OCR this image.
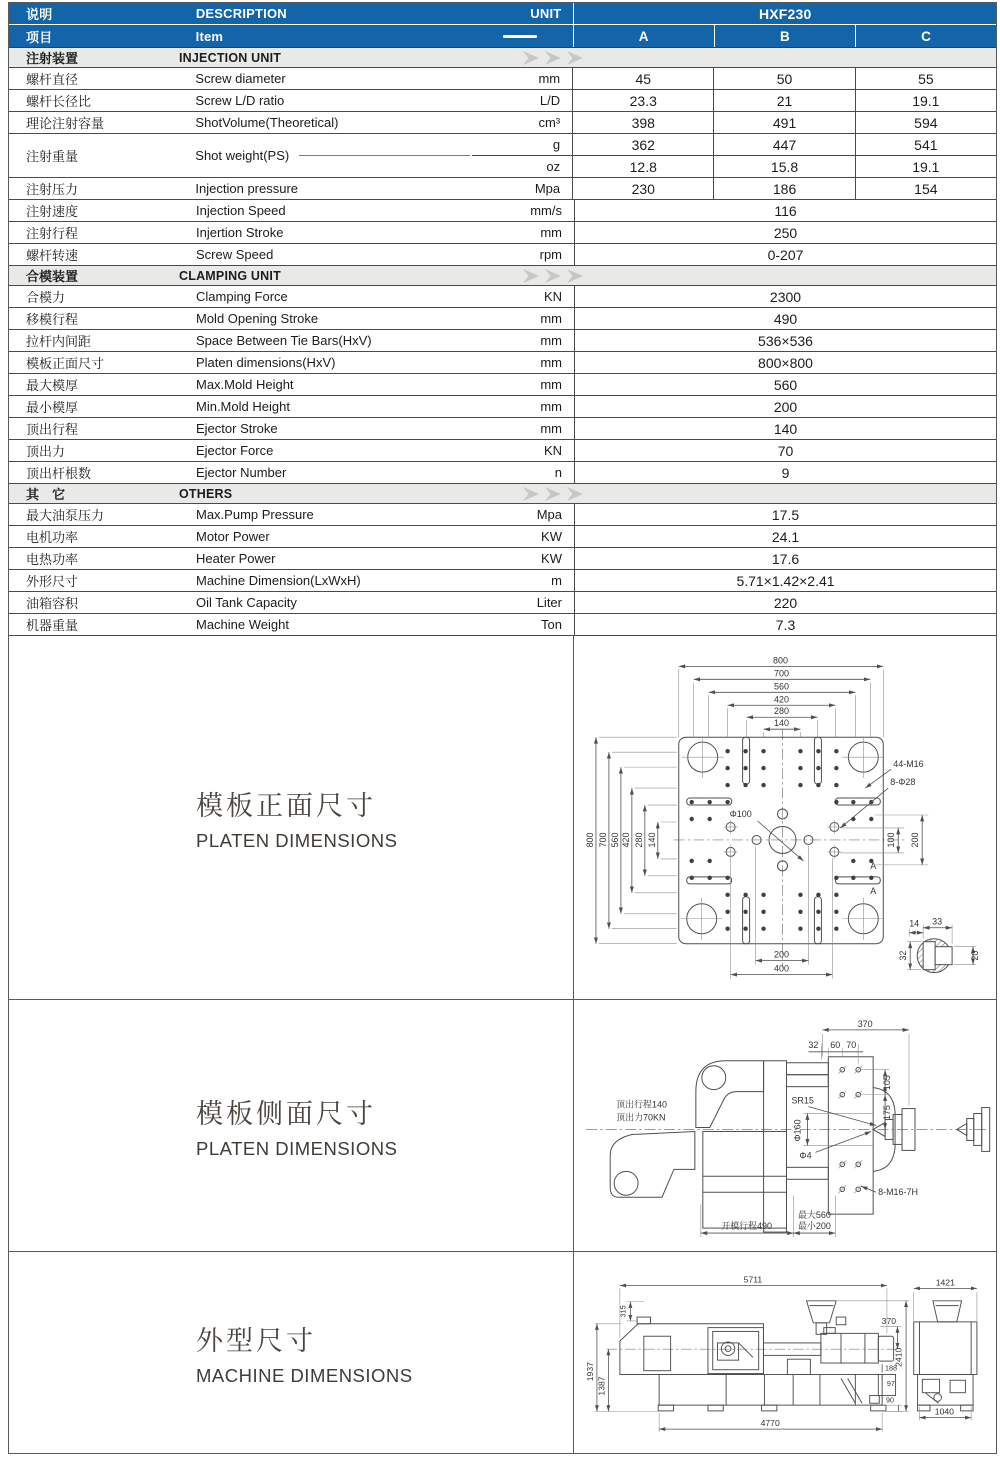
说明	DESCRIPTION	UNIT	HXF230
项目	Item	A	B	C
注射装置	INJECTION UNIT
螺杆直径	Screw diameter	mm	45	50	55
螺杆长径比	Screw L/D ratio	L/D	23.3	21	19.1
理论注射容量	ShotVolume(Theoretical)	cm³	398	491	594
注射重量	Shot weight(PS)
g	362	447	541
oz	12.8	15.8	19.1
注射压力	Injection pressure	Mpa	230	186	154
注射速度	Injection Speed	mm/s	116
注射行程	Injertion Stroke	mm	250
螺杆转速	Screw Speed	rpm	0-207
合模装置	CLAMPING UNIT
合模力	Clamping Force	KN	2300
移模行程	Mold Opening Stroke	mm	490
拉杆内间距	Space Between Tie Bars(HxV)	mm	536×536
模板正面尺寸	Platen dimensions(HxV)	mm	800×800
最大模厚	Max.Mold Height	mm	560
最小模厚	Min.Mold Height	mm	200
顶出行程	Ejector Stroke	mm	140
顶出力	Ejector Force	KN	70
顶出杆根数	Ejector Number	n	9
其　它	OTHERS
最大油泵压力	Max.Pump Pressure	Mpa	17.5
电机功率	Motor Power	KW	24.1
电热功率	Heater Power	KW	17.6
外形尺寸	Machine Dimension(LxWxH)	m	5.71×1.42×2.41
油箱容积	Oil Tank Capacity	Liter	220
机器重量	Machine Weight	Ton	7.3
模板正面尺寸
PLATEN DIMENSIONS
800
700
560
420
280
140
800 700 560 420 280 140	100 200
200
400
44-M16
8-Φ28
Φ100
A
A
33
14
32	20
模板侧面尺寸
PLATEN DIMENSIONS
370
32 60 70
105
175
SR15
Φ160
Φ4
顶出行程140
顶出力70KN
开模行程490
最大560
最小200
8-M16-7H
外型尺寸
MACHINE DIMENSIONS
5711	1421
1937
1387
315
370
2410
188
97
90
4770
1040
